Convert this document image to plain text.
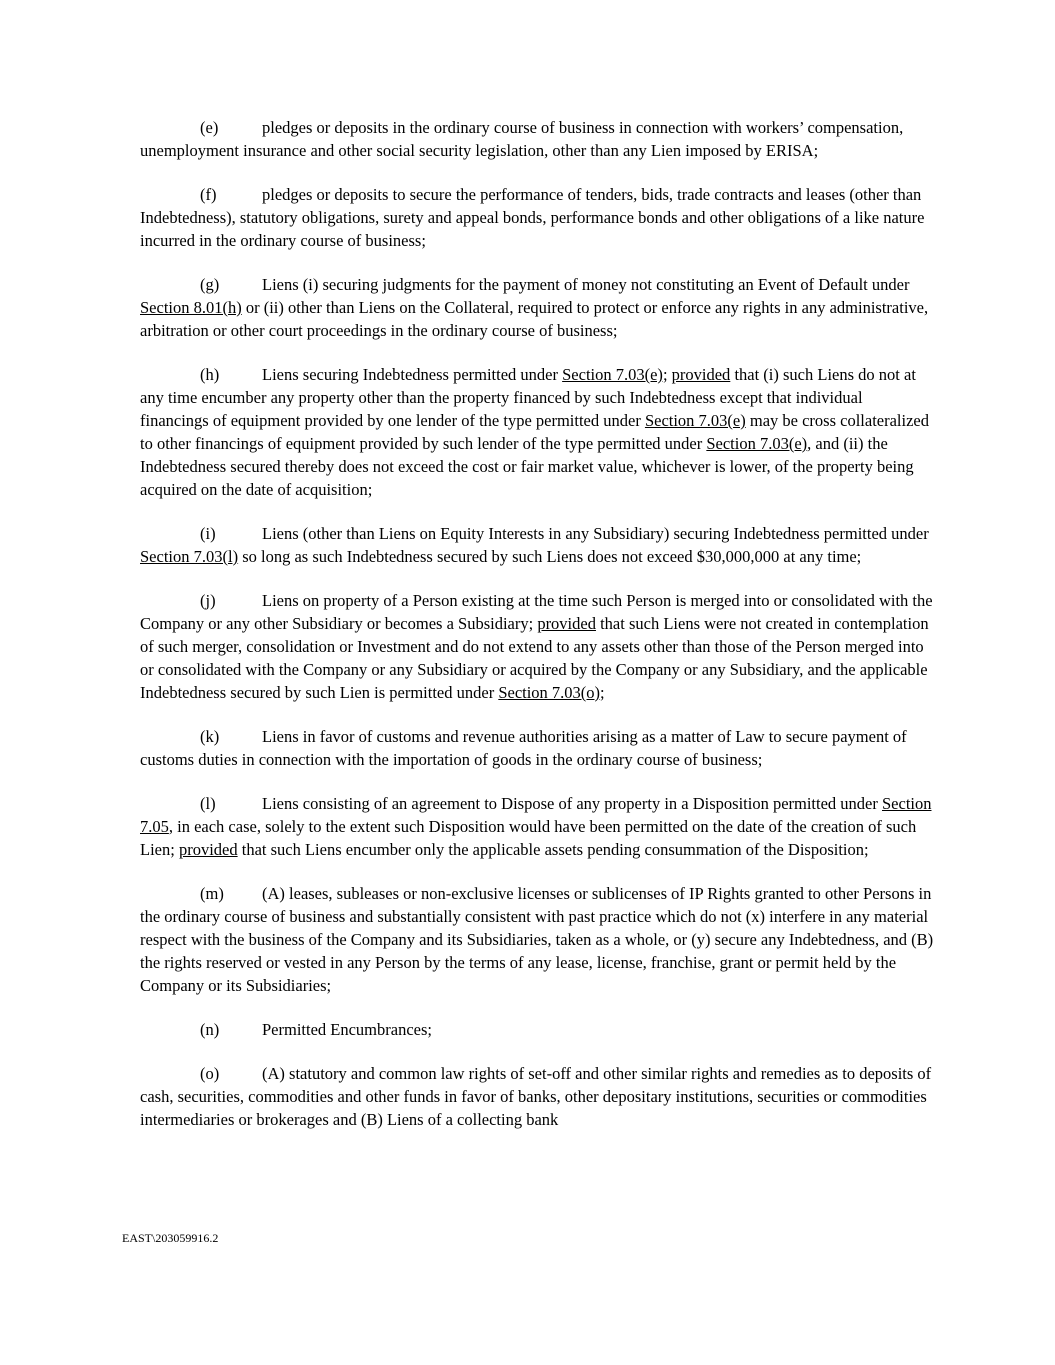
(e)	pledges or deposits in the ordinary course of business in connection with workers’ compensation, unemployment insurance and other social security legislation, other than any Lien imposed by ERISA;

(f)	pledges or deposits to secure the performance of tenders, bids, trade contracts and leases (other than Indebtedness), statutory obligations, surety and appeal bonds, performance bonds and other obligations of a like nature incurred in the ordinary course of business;

(g)	Liens (i) securing judgments for the payment of money not constituting an Event of Default under Section 8.01(h) or (ii) other than Liens on the Collateral, required to protect or enforce any rights in any administrative, arbitration or other court proceedings in the ordinary course of business;

(h)	Liens securing Indebtedness permitted under Section 7.03(e); provided that (i) such Liens do not at any time encumber any property other than the property financed by such Indebtedness except that individual financings of equipment provided by one lender of the type permitted under Section 7.03(e) may be cross collateralized to other financings of equipment provided by such lender of the type permitted under Section 7.03(e), and (ii) the Indebtedness secured thereby does not exceed the cost or fair market value, whichever is lower, of the property being acquired on the date of acquisition;

(i)	Liens (other than Liens on Equity Interests in any Subsidiary) securing Indebtedness permitted under Section 7.03(l) so long as such Indebtedness secured by such Liens does not exceed $30,000,000 at any time;

(j)	Liens on property of a Person existing at the time such Person is merged into or consolidated with the Company or any other Subsidiary or becomes a Subsidiary; provided that such Liens were not created in contemplation of such merger, consolidation or Investment and do not extend to any assets other than those of the Person merged into or consolidated with the Company or any Subsidiary or acquired by the Company or any Subsidiary, and the applicable Indebtedness secured by such Lien is permitted under Section 7.03(o);

(k)	Liens in favor of customs and revenue authorities arising as a matter of Law to secure payment of customs duties in connection with the importation of goods in the ordinary course of business;

(l)	Liens consisting of an agreement to Dispose of any property in a Disposition permitted under Section 7.05, in each case, solely to the extent such Disposition would have been permitted on the date of the creation of such Lien; provided that such Liens encumber only the applicable assets pending consummation of the Disposition;

(m) (A) leases, subleases or non-exclusive licenses or sublicenses of IP Rights granted to other Persons in the ordinary course of business and substantially consistent with past practice which do not (x) interfere in any material respect with the business of the Company and its Subsidiaries, taken as a whole, or (y) secure any Indebtedness, and (B) the rights reserved or vested in any Person by the terms of any lease, license, franchise, grant or permit held by the Company or its Subsidiaries;

(n)	Permitted Encumbrances;

(o)	(A) statutory and common law rights of set-off and other similar rights and remedies as to deposits of cash, securities, commodities and other funds in favor of banks, other depositary institutions, securities or commodities intermediaries or brokerages and (B) Liens of a collecting bank

EAST\203059916.2
